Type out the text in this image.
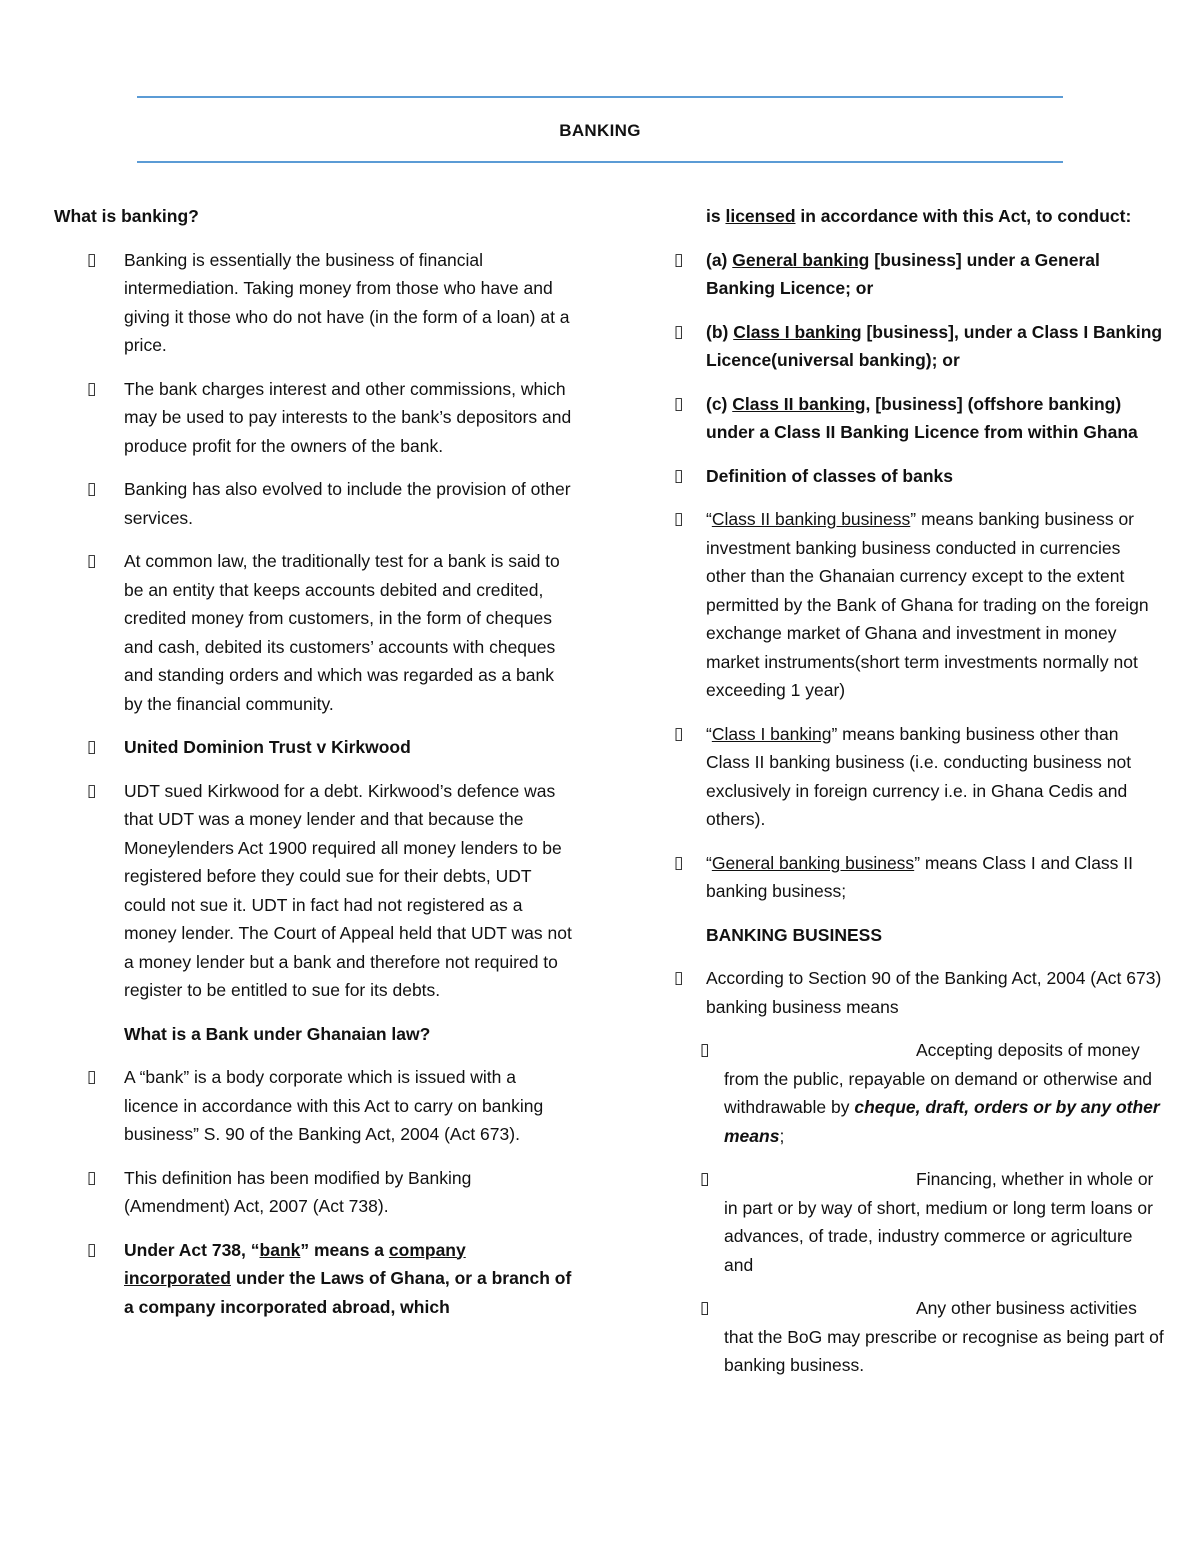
BANKING

What is banking?

▯ Banking is essentially the business of financial intermediation. Taking money from those who have and giving it those who do not have (in the form of a loan) at a price.

▯ The bank charges interest and other commissions, which may be used to pay interests to the bank’s depositors and produce profit for the owners of the bank.

▯ Banking has also evolved to include the provision of other services.

▯ At common law, the traditionally test for a bank is said to be an entity that keeps accounts debited and credited, credited money from customers, in the form of cheques and cash, debited its customers’ accounts with cheques and standing orders and which was regarded as a bank by the financial community.

▯ United Dominion Trust v Kirkwood

▯ UDT sued Kirkwood for a debt. Kirkwood’s defence was that UDT was a money lender and that because the Moneylenders Act 1900 required all money lenders to be registered before they could sue for their debts, UDT could not sue it. UDT in fact had not registered as a money lender. The Court of Appeal held that UDT was not a money lender but a bank and therefore not required to register to be entitled to sue for its debts.

What is a Bank under Ghanaian law?

▯ A “bank” is a body corporate which is issued with a licence in accordance with this Act to carry on banking business” S. 90 of the Banking Act, 2004 (Act 673).

▯ This definition has been modified by Banking (Amendment) Act, 2007 (Act 738).

▯ Under Act 738, “bank” means a company incorporated under the Laws of Ghana, or a branch of a company incorporated abroad, which

is licensed in accordance with this Act, to conduct:

▯ (a) General banking [business] under a General Banking Licence; or

▯ (b) Class I banking [business], under a Class I Banking Licence(universal banking); or

▯ (c) Class II banking, [business] (offshore banking) under a Class II Banking Licence from within Ghana

▯ Definition of classes of banks

▯ “Class II banking business” means banking business or investment banking business conducted in currencies other than the Ghanaian currency except to the extent permitted by the Bank of Ghana for trading on the foreign exchange market of Ghana and investment in money market instruments(short term investments normally not exceeding 1 year)

▯ “Class I banking” means banking business other than Class II banking business (i.e. conducting business not exclusively in foreign currency i.e. in Ghana Cedis and others).

▯ “General banking business” means Class I and Class II banking business;

BANKING BUSINESS

▯ According to Section 90 of the Banking Act, 2004 (Act 673) banking business means

▯	Accepting deposits of money from the public, repayable on demand or otherwise and withdrawable by cheque, draft, orders or by any other means;

▯	Financing, whether in whole or in part or by way of short, medium or long term loans or advances, of trade, industry commerce or agriculture and

▯	Any other business activities that the BoG may prescribe or recognise as being part of banking business.
